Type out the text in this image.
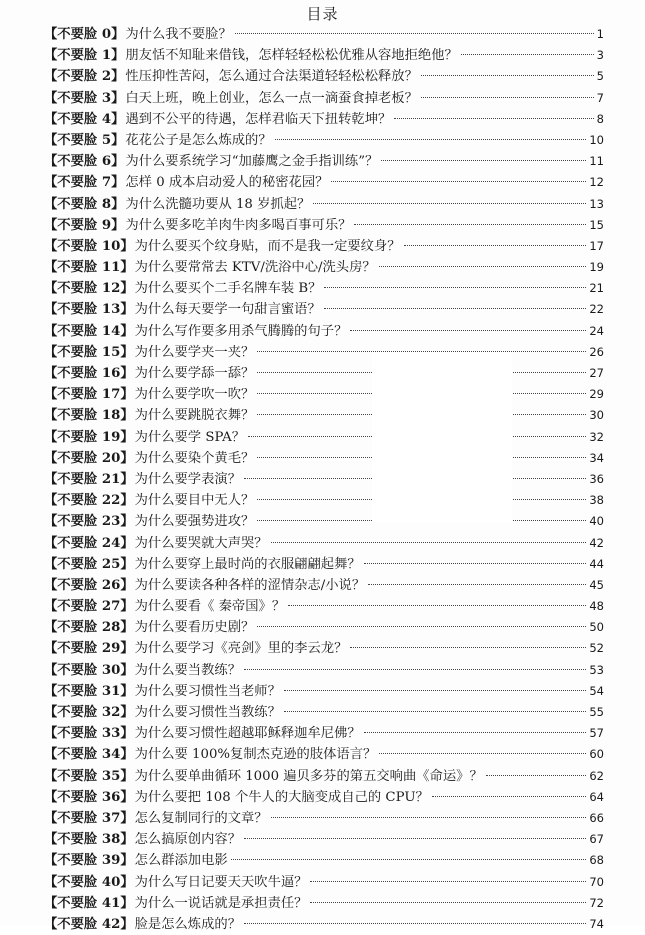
目录
【不要脸 0】 为什么我不要脸？	1
【不要脸 1】 朋友恬不知耻来借钱，怎样轻轻松松优雅从容地拒绝他？	3
【不要脸 2】 性压抑性苦闷，怎么通过合法渠道轻轻松松释放？	5
【不要脸 3】 白天上班，晚上创业，怎么一点一滴蚕食掉老板？	7
【不要脸 4】 遇到不公平的待遇，怎样君临天下扭转乾坤？	8
【不要脸 5】 花花公子是怎么炼成的？	10
【不要脸 6】 为什么要系统学习“加藤鹰之金手指训练”？	11
【不要脸 7】 怎样 0 成本启动爱人的秘密花园？	12
【不要脸 8】 为什么洗髓功要从 18 岁抓起？	13
【不要脸 9】 为什么要多吃羊肉牛肉多喝百事可乐？	15
【不要脸 10】 为什么要买个纹身贴，而不是我一定要纹身？	17
【不要脸 11】 为什么要常常去 KTV/洗浴中心/洗头房？	19
【不要脸 12】 为什么要买个二手名牌车装 B？	21
【不要脸 13】 为什么每天要学一句甜言蜜语？	22
【不要脸 14】 为什么写作要多用杀气腾腾的句子？	24
【不要脸 15】 为什么要学夹一夹？	26
【不要脸 16】 为什么要学舔一舔？	27
【不要脸 17】 为什么要学吹一吹？	29
【不要脸 18】 为什么要跳脱衣舞？	30
【不要脸 19】 为什么要学 SPA？	32
【不要脸 20】 为什么要染个黄毛？	34
【不要脸 21】 为什么要学表演？	36
【不要脸 22】 为什么要目中无人？	38
【不要脸 23】 为什么要强势进攻？	40
【不要脸 24】 为什么要哭就大声哭？	42
【不要脸 25】 为什么要穿上最时尚的衣服翩翩起舞？	44
【不要脸 26】 为什么要读各种各样的涩情杂志/小说？	45
【不要脸 27】 为什么要看《 秦帝国》？	48
【不要脸 28】 为什么要看历史剧？	50
【不要脸 29】 为什么要学习《亮剑》里的李云龙？	52
【不要脸 30】 为什么要当教练？	53
【不要脸 31】 为什么要习惯性当老师？	54
【不要脸 32】 为什么要习惯性当教练？	55
【不要脸 33】 为什么要习惯性超越耶稣释迦牟尼佛？	57
【不要脸 34】 为什么要 100%复制杰克逊的肢体语言？	60
【不要脸 35】 为什么要单曲循环 1000 遍贝多芬的第五交响曲《命运》？	62
【不要脸 36】 为什么要把 108 个牛人的大脑变成自己的 CPU？	64
【不要脸 37】 怎么复制同行的文章？	66
【不要脸 38】 怎么搞原创内容？	67
【不要脸 39】 怎么群添加电影	68
【不要脸 40】 为什么写日记要天天吹牛逼？	70
【不要脸 41】 为什么一说话就是承担责任？	72
【不要脸 42】 脸是怎么炼成的？	74
